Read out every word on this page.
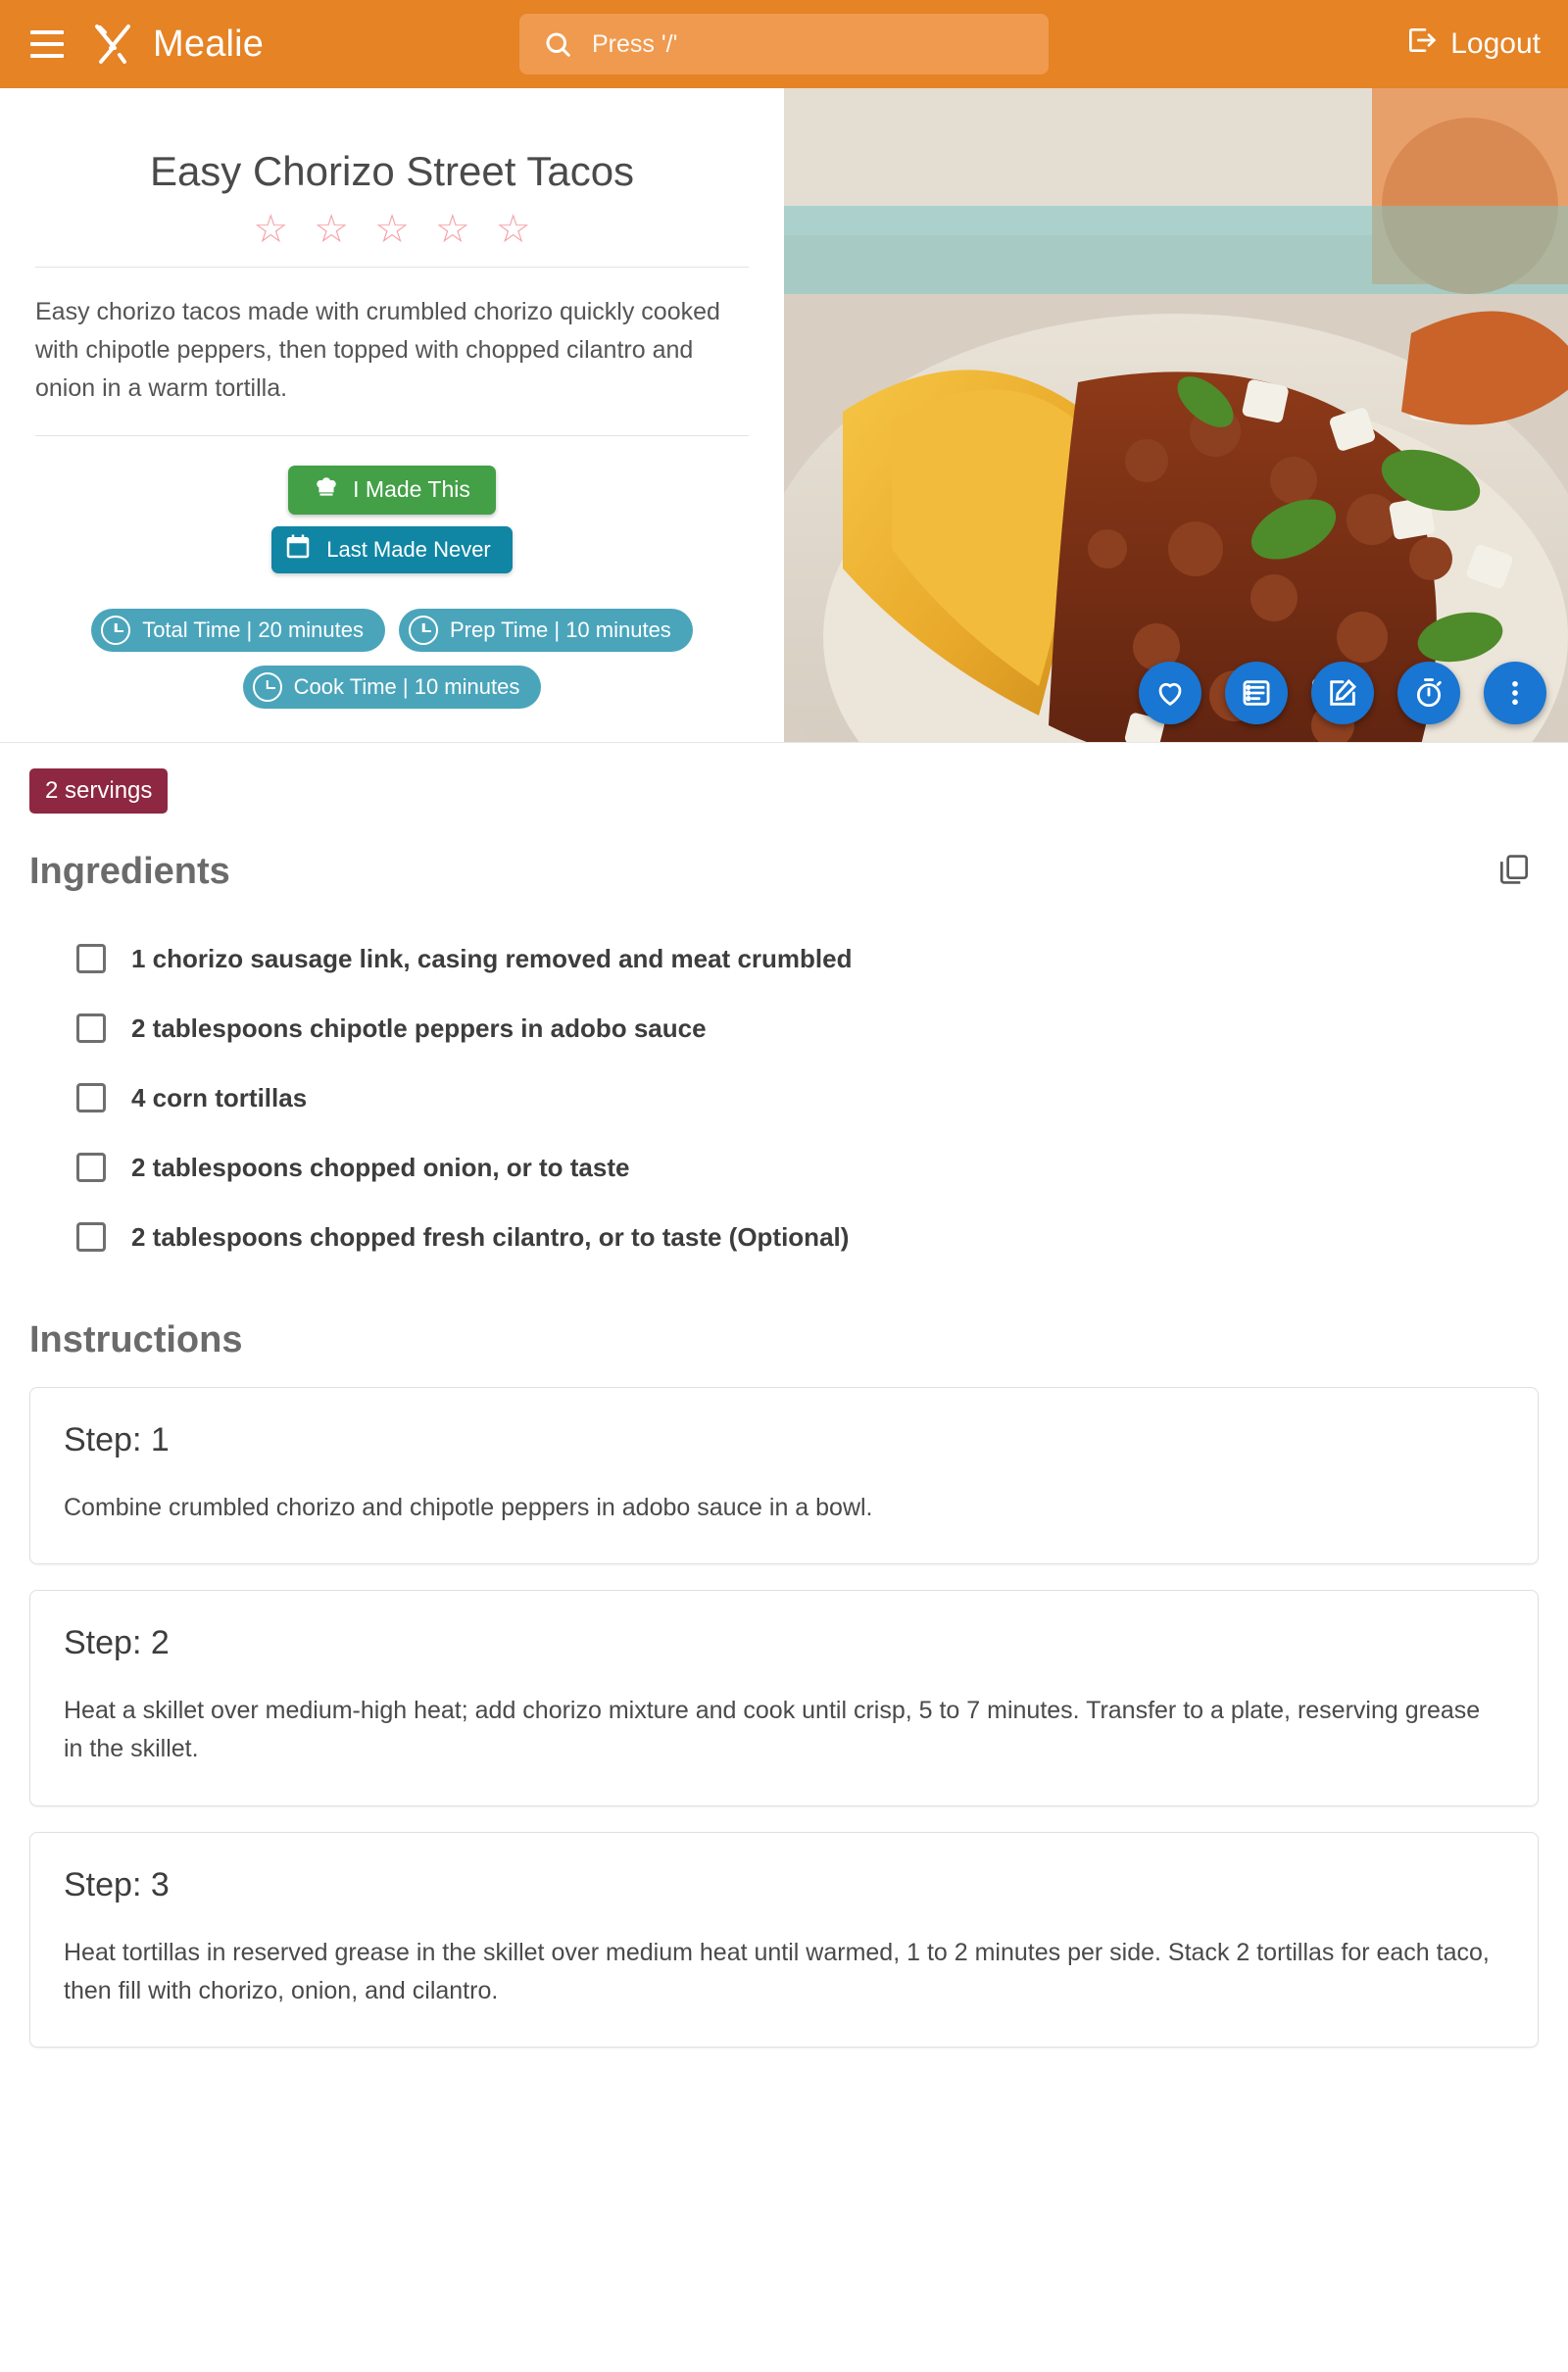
Mealie
Press '/'	Logout
Easy Chorizo Street Tacos
☆ ☆ ☆ ☆ ☆
Easy chorizo tacos made with crumbled chorizo quickly cooked with chipotle peppers, then topped with chopped cilantro and onion in a warm tortilla.
I Made This
Last Made Never
Total Time | 20 minutes	Prep Time | 10 minutes
Cook Time | 10 minutes
2 servings
Ingredients
1 chorizo sausage link, casing removed and meat crumbled
2 tablespoons chipotle peppers in adobo sauce
4 corn tortillas
2 tablespoons chopped onion, or to taste
2 tablespoons chopped fresh cilantro, or to taste (Optional)
Instructions
Step: 1
Combine crumbled chorizo and chipotle peppers in adobo sauce in a bowl.
Step: 2
Heat a skillet over medium-high heat; add chorizo mixture and cook until crisp, 5 to 7 minutes. Transfer to a plate, reserving grease in the skillet.
Step: 3
Heat tortillas in reserved grease in the skillet over medium heat until warmed, 1 to 2 minutes per side. Stack 2 tortillas for each taco, then fill with chorizo, onion, and cilantro.
